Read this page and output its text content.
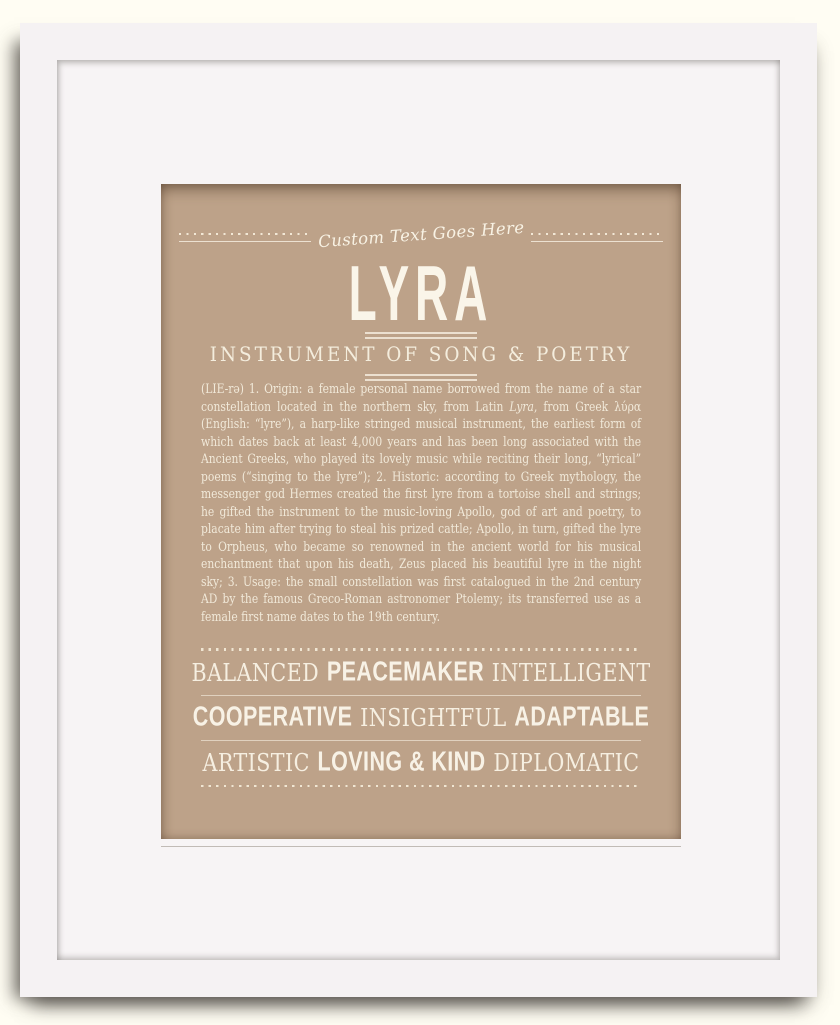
Custom Text Goes Here
LYRA
INSTRUMENT OF SONG & POETRY

(LIE-rə) 1. Origin: a female personal name borrowed from the name of a star constellation located in the northern sky, from Latin Lyra, from Greek λύρα (English: “lyre”), a harp-like stringed musical instrument, the earliest form of which dates back at least 4,000 years and has been long associated with the Ancient Greeks, who played its lovely music while reciting their long, “lyrical” poems (“singing to the lyre”); 2. Historic: according to Greek mythology, the messenger god Hermes created the first lyre from a tortoise shell and strings; he gifted the instrument to the music-loving Apollo, god of art and poetry, to placate him after trying to steal his prized cattle; Apollo, in turn, gifted the lyre to Orpheus, who became so renowned in the ancient world for his musical enchantment that upon his death, Zeus placed his beautiful lyre in the night sky; 3. Usage: the small constellation was first catalogued in the 2nd century AD by the famous Greco-Roman astronomer Ptolemy; its transferred use as a female first name dates to the 19th century.

BALANCED PEACEMAKER INTELLIGENT
COOPERATIVE INSIGHTFUL ADAPTABLE
ARTISTIC LOVING & KIND DIPLOMATIC
